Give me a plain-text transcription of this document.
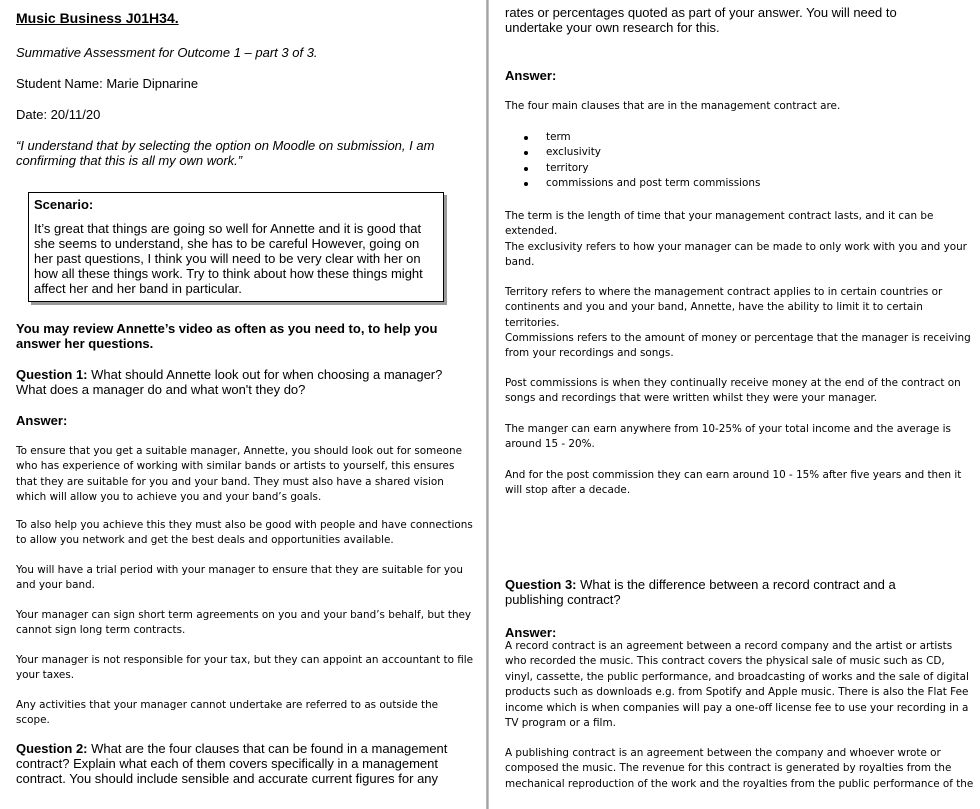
Music Business J01H34.

Summative Assessment for Outcome 1 – part 3 of 3.

Student Name: Marie Dipnarine

Date: 20/11/20

“I understand that by selecting the option on Moodle on submission, I am confirming that this is all my own work.”

Scenario:

It’s great that things are going so well for Annette and it is good that she seems to understand, she has to be careful However, going on her past questions, I think you will need to be very clear with her on how all these things work. Try to think about how these things might affect her and her band in particular.

You may review Annette’s video as often as you need to, to help you answer her questions.

Question 1: What should Annette look out for when choosing a manager? What does a manager do and what won't they do?

Answer:

To ensure that you get a suitable manager, Annette, you should look out for someone who has experience of working with similar bands or artists to yourself, this ensures that they are suitable for you and your band. They must also have a shared vision which will allow you to achieve you and your band’s goals.

To also help you achieve this they must also be good with people and have connections to allow you network and get the best deals and opportunities available.

You will have a trial period with your manager to ensure that they are suitable for you and your band.

Your manager can sign short term agreements on you and your band’s behalf, but they cannot sign long term contracts.

Your manager is not responsible for your tax, but they can appoint an accountant to file your taxes.

Any activities that your manager cannot undertake are referred to as outside the scope.

Question 2: What are the four clauses that can be found in a management contract? Explain what each of them covers specifically in a management contract. You should include sensible and accurate current figures for any

rates or percentages quoted as part of your answer. You will need to undertake your own research for this.

Answer:

The four main clauses that are in the management contract are.

term
exclusivity
territory
commissions and post term commissions

The term is the length of time that your management contract lasts, and it can be extended.

The exclusivity refers to how your manager can be made to only work with you and your band.

Territory refers to where the management contract applies to in certain countries or continents and you and your band, Annette, have the ability to limit it to certain territories.

Commissions refers to the amount of money or percentage that the manager is receiving from your recordings and songs.

Post commissions is when they continually receive money at the end of the contract on songs and recordings that were written whilst they were your manager.

The manger can earn anywhere from 10-25% of your total income and the average is around 15 - 20%.

And for the post commission they can earn around 10 - 15% after five years and then it will stop after a decade.

Question 3: What is the difference between a record contract and a publishing contract?

Answer:

A record contract is an agreement between a record company and the artist or artists who recorded the music. This contract covers the physical sale of music such as CD, vinyl, cassette, the public performance, and broadcasting of works and the sale of digital products such as downloads e.g. from Spotify and Apple music. There is also the Flat Fee income which is when companies will pay a one-off license fee to use your recording in a TV program or a film.

A publishing contract is an agreement between the company and whoever wrote or composed the music. The revenue for this contract is generated by royalties from the mechanical reproduction of the work and the royalties from the public performance of the
